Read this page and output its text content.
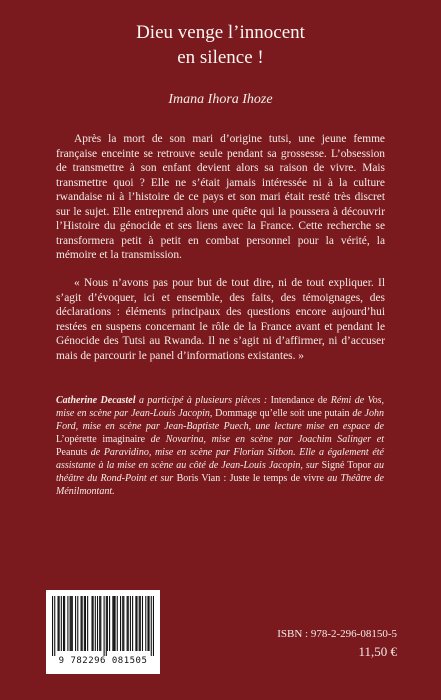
Dieu venge l’innocent
en silence !
Imana Ihora Ihoze

Après la mort de son mari d’origine tutsi, une jeune femme française enceinte se retrouve seule pendant sa grossesse. L’obsession de transmettre à son enfant devient alors sa raison de vivre. Mais transmettre quoi ? Elle ne s’était jamais intéressée ni à la culture rwandaise ni à l’histoire de ce pays et son mari était resté très discret sur le sujet. Elle entreprend alors une quête qui la poussera à découvrir l’Histoire du génocide et ses liens avec la France. Cette recherche se transformera petit à petit en combat personnel pour la vérité, la mémoire et la transmission.

« Nous n’avons pas pour but de tout dire, ni de tout expliquer. Il s’agit d’évoquer, ici et ensemble, des faits, des témoignages, des déclarations : éléments principaux des questions encore aujourd’hui restées en suspens concernant le rôle de la France avant et pendant le Génocide des Tutsi au Rwanda. Il ne s’agit ni d’affirmer, ni d’accuser mais de parcourir le panel d’informations existantes. »

Catherine Decastel a participé à plusieurs pièces : Intendance de Rémi de Vos, mise en scène par Jean-Louis Jacopin, Dommage qu’elle soit une putain de John Ford, mise en scène par Jean-Baptiste Puech, une lecture mise en espace de L’opérette imaginaire de Novarina, mise en scène par Joachim Salinger et Peanuts de Paravidino, mise en scène par Florian Sitbon. Elle a également été assistante à la mise en scène au côté de Jean-Louis Jacopin, sur Signé Topor au théâtre du Rond-Point et sur Boris Vian : Juste le temps de vivre au Théâtre de Ménilmontant.

9 782296 081505
ISBN : 978-2-296-08150-5
11,50 €
